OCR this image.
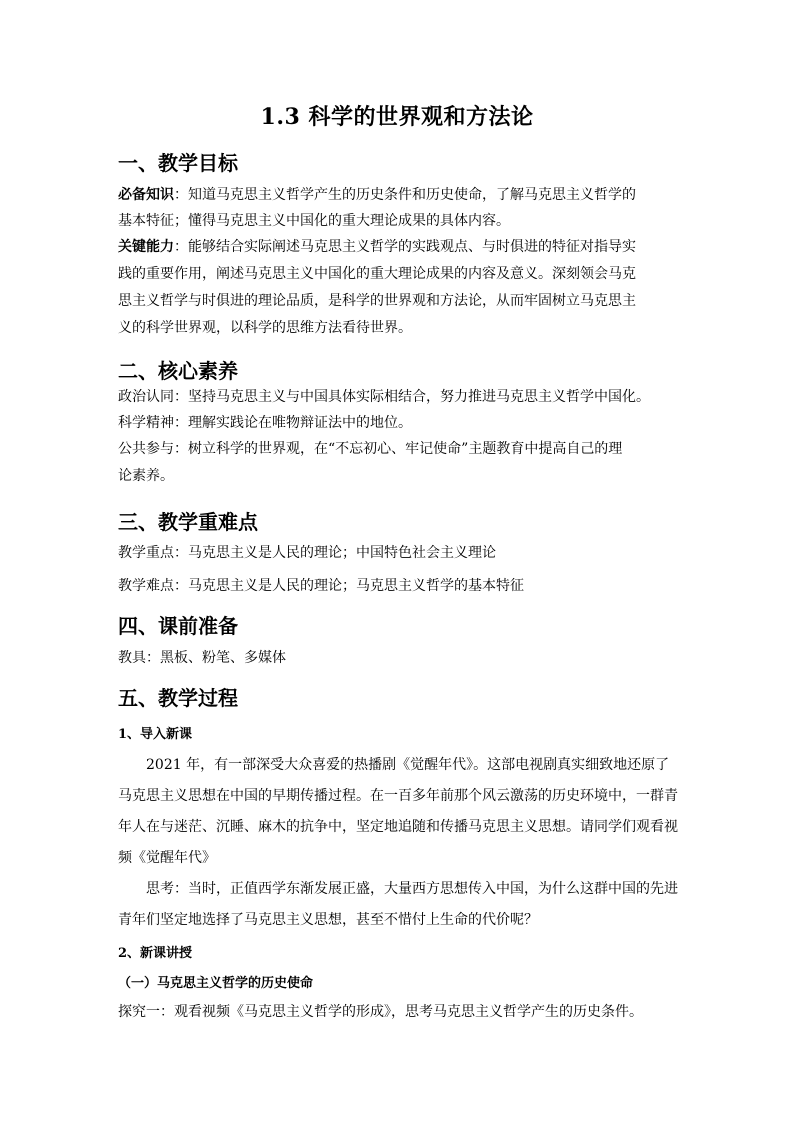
1.3 科学的世界观和方法论
一、教学目标
必备知识：知道马克思主义哲学产生的历史条件和历史使命，了解马克思主义哲学的
基本特征；懂得马克思主义中国化的重大理论成果的具体内容。
关键能力：能够结合实际阐述马克思主义哲学的实践观点、与时俱进的特征对指导实
践的重要作用，阐述马克思主义中国化的重大理论成果的内容及意义。深刻领会马克
思主义哲学与时俱进的理论品质，是科学的世界观和方法论，从而牢固树立马克思主
义的科学世界观，以科学的思维方法看待世界。
二、核心素养
政治认同：坚持马克思主义与中国具体实际相结合，努力推进马克思主义哲学中国化。
科学精神：理解实践论在唯物辩证法中的地位。
公共参与：树立科学的世界观，在“不忘初心、牢记使命”主题教育中提高自己的理
论素养。
三、教学重难点
教学重点：马克思主义是人民的理论；中国特色社会主义理论
教学难点：马克思主义是人民的理论；马克思主义哲学的基本特征
四、课前准备
教具：黑板、粉笔、多媒体
五、教学过程
1、导入新课
2021 年，有一部深受大众喜爱的热播剧《觉醒年代》。这部电视剧真实细致地还原了
马克思主义思想在中国的早期传播过程。在一百多年前那个风云激荡的历史环境中，一群青
年人在与迷茫、沉睡、麻木的抗争中，坚定地追随和传播马克思主义思想。请同学们观看视
频《觉醒年代》
思考：当时，正值西学东渐发展正盛，大量西方思想传入中国，为什么这群中国的先进
青年们坚定地选择了马克思主义思想，甚至不惜付上生命的代价呢？
2、新课讲授
（一）马克思主义哲学的历史使命
探究一：观看视频《马克思主义哲学的形成》，思考马克思主义哲学产生的历史条件。
